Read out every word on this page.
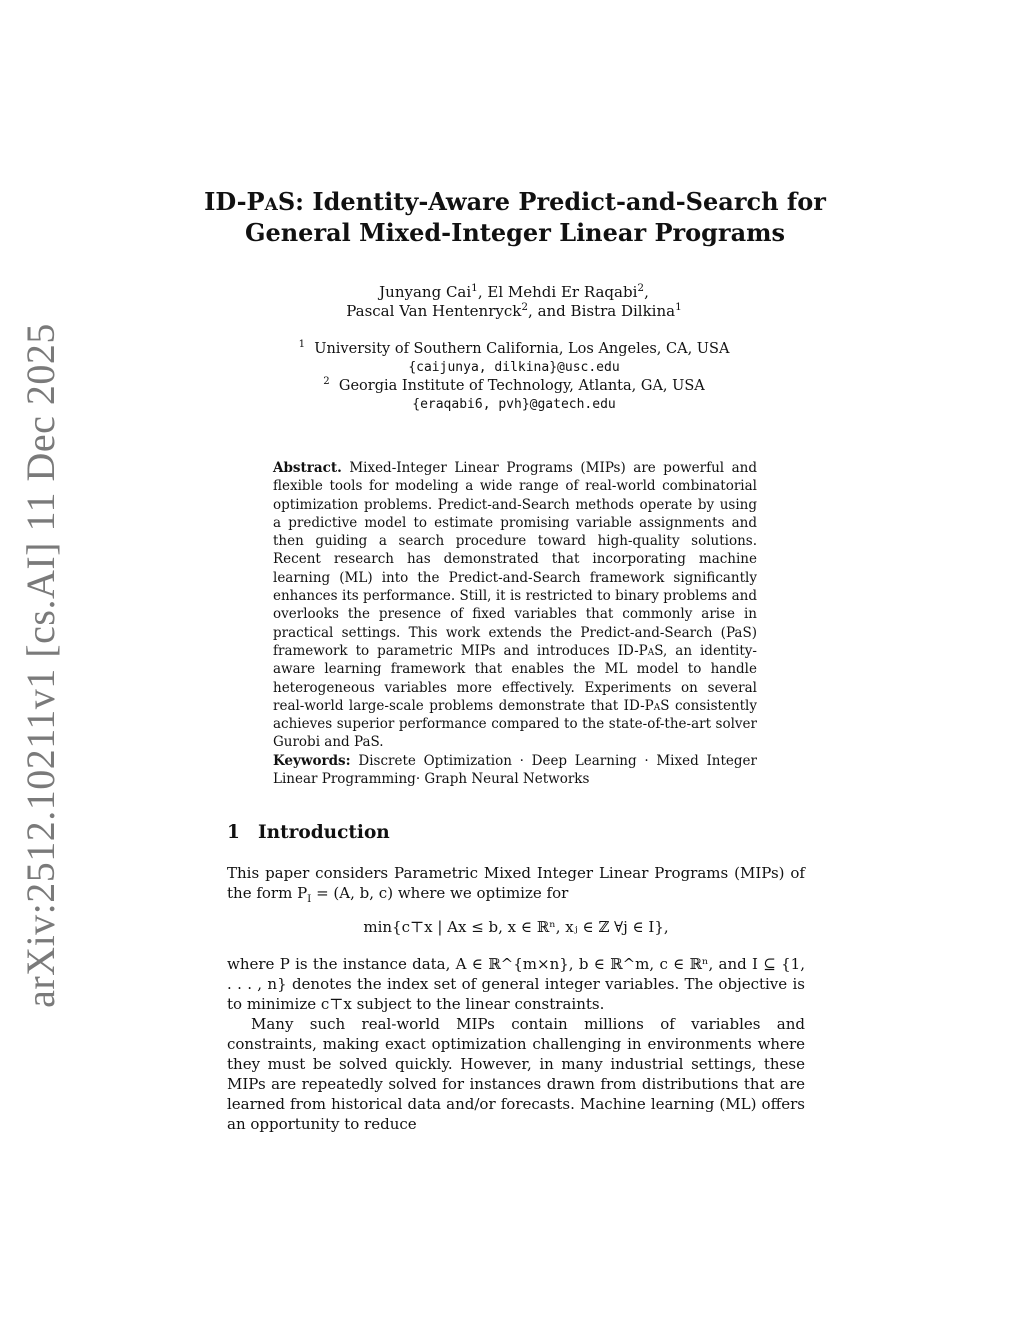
arXiv:2512.10211v1 [cs.AI] 11 Dec 2025
ID-PaS: Identity-Aware Predict-and-Search for
General Mixed-Integer Linear Programs
Junyang Cai$^1$, El Mehdi Er Raqabi$^2$,
Pascal Van Hentenryck$^2$, and Bistra Dilkina$^1$
$^1$ University of Southern California, Los Angeles, CA, USA
{caijunya, dilkina}@usc.edu
$^2$ Georgia Institute of Technology, Atlanta, GA, USA
{eraqabi6, pvh}@gatech.edu
Abstract. Mixed-Integer Linear Programs (MIPs) are powerful and flexible tools for modeling a wide range of real-world combinatorial optimization problems. Predict-and-Search methods operate by using a predictive model to estimate promising variable assignments and then guiding a search procedure toward high-quality solutions. Recent research has demonstrated that incorporating machine learning (ML) into the Predict-and-Search framework significantly enhances its performance. Still, it is restricted to binary problems and overlooks the presence of fixed variables that commonly arise in practical settings. This work extends the Predict-and-Search (PaS) framework to parametric MIPs and introduces ID-PaS, an identity-aware learning framework that enables the ML model to handle heterogeneous variables more effectively. Experiments on several real-world large-scale problems demonstrate that ID-PaS consistently achieves superior performance compared to the state-of-the-art solver Gurobi and PaS.
Keywords: Discrete Optimization · Deep Learning · Mixed Integer Linear Programming· Graph Neural Networks
1 Introduction
This paper considers Parametric Mixed Integer Linear Programs (MIPs) of the form $P_I = (A$, b, c) where we optimize for
min{c⊤x | Ax ≤ b, x ∈ ℝⁿ, xⱼ ∈ ℤ ∀j ∈ I},
where P is the instance data, A ∈ ℝ^{m×n}, b ∈ ℝ^m, c ∈ ℝⁿ, and I ⊆ {1, . . . , n} denotes the index set of general integer variables. The objective is to minimize c⊤x subject to the linear constraints.
Many such real-world MIPs contain millions of variables and constraints, making exact optimization challenging in environments where they must be solved quickly. However, in many industrial settings, these MIPs are repeatedly solved for instances drawn from distributions that are learned from historical data and/or forecasts. Machine learning (ML) offers an opportunity to reduce
